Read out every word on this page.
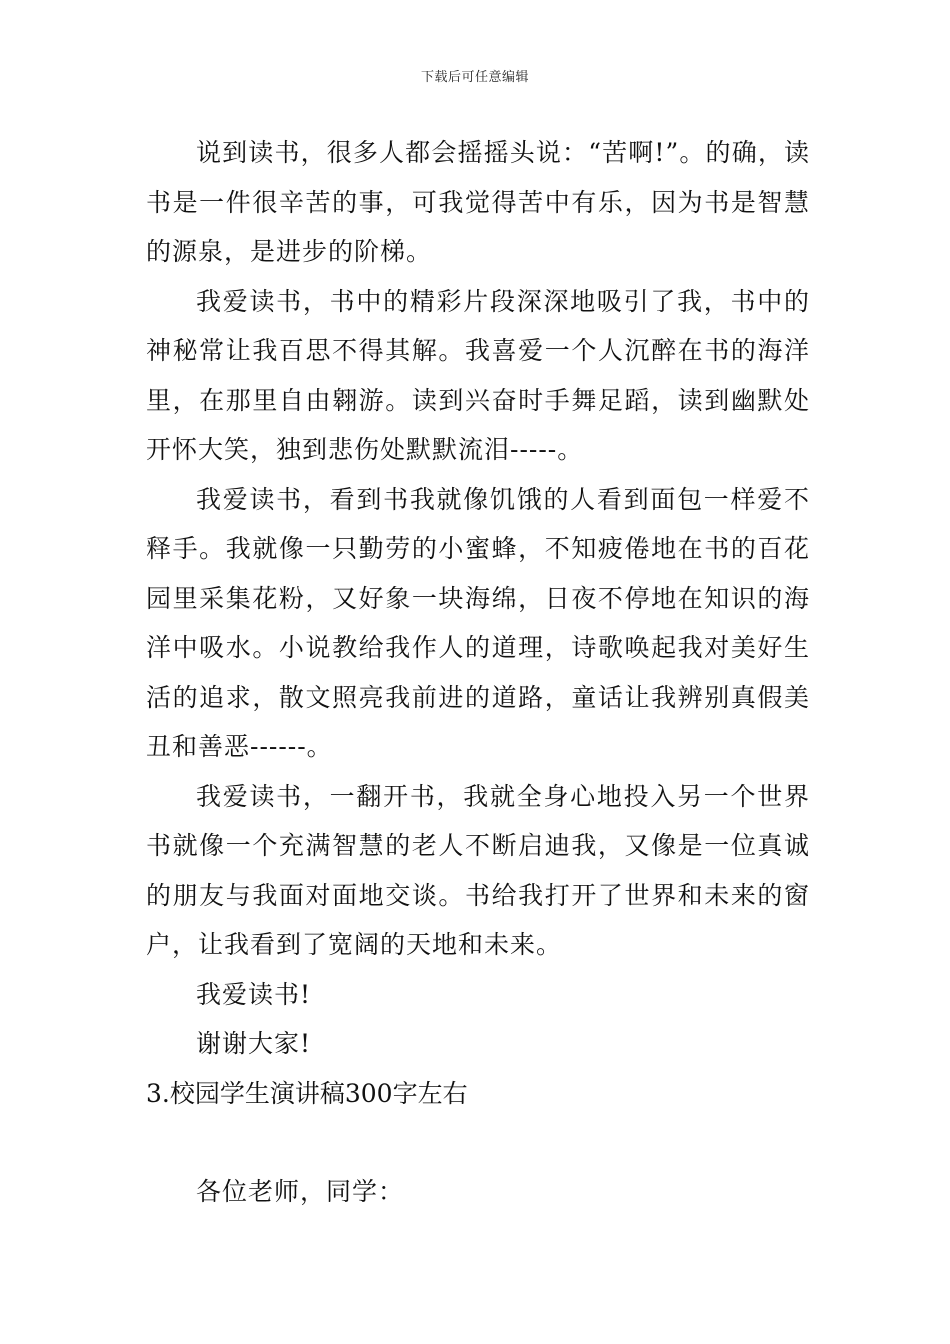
下载后可任意编辑

说到读书，很多人都会摇摇头说：“苦啊!”。的确，读书是一件很辛苦的事，可我觉得苦中有乐，因为书是智慧的源泉，是进步的阶梯。

我爱读书，书中的精彩片段深深地吸引了我，书中的神秘常让我百思不得其解。我喜爱一个人沉醉在书的海洋里，在那里自由翱游。读到兴奋时手舞足蹈，读到幽默处开怀大笑，独到悲伤处默默流泪-----。

我爱读书，看到书我就像饥饿的人看到面包一样爱不释手。我就像一只勤劳的小蜜蜂，不知疲倦地在书的百花园里采集花粉，又好象一块海绵，日夜不停地在知识的海洋中吸水。小说教给我作人的道理，诗歌唤起我对美好生活的追求，散文照亮我前进的道路，童话让我辨别真假美丑和善恶------。

我爱读书，一翻开书，我就全身心地投入另一个世界书就像一个充满智慧的老人不断启迪我，又像是一位真诚的朋友与我面对面地交谈。书给我打开了世界和未来的窗户，让我看到了宽阔的天地和未来。

我爱读书!

谢谢大家!

3.校园学生演讲稿300字左右

各位老师，同学：
